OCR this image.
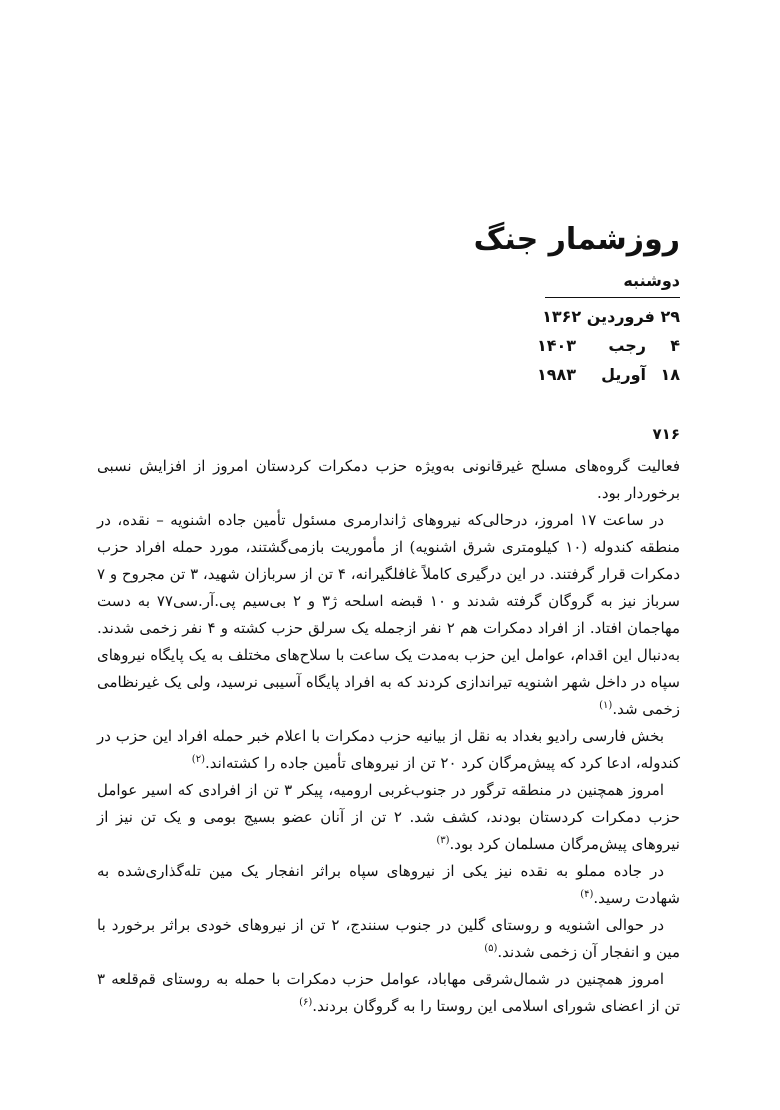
روزشمار جنگ
دوشنبه
۲۹ فروردین ۱۳۶۲
۴
رجب
۱۴۰۳
۱۸
آوریل
۱۹۸۳
۷۱۶

فعالیت گروه‌های مسلح غیرقانونی به‌ویژه حزب دمکرات کردستان امروز از افزایش نسبی برخوردار بود.

در ساعت ۱۷ امروز، درحالی‌که نیروهای ژاندارمری مسئول تأمین جاده اشنویه – نقده، در منطقه کندوله (۱۰ کیلومتری شرق اشنویه) از مأموریت بازمی‌گشتند، مورد حمله افراد حزب دمکرات قرار گرفتند. در این درگیری کاملاً غافلگیرانه، ۴ تن از سربازان شهید، ۳ تن مجروح و ۷ سرباز نیز به گروگان گرفته شدند و ۱۰ قبضه اسلحه ژ۳ و ۲ بی‌سیم پی.آر.سی۷۷ به دست مهاجمان افتاد. از افراد دمکرات هم ۲ نفر ازجمله یک سرلق حزب کشته و ۴ نفر زخمی شدند. به‌دنبال این اقدام، عوامل این حزب به‌مدت یک ساعت با سلاح‌های مختلف به یک پایگاه نیروهای سپاه در داخل شهر اشنویه تیراندازی کردند که به افراد پایگاه آسیبی نرسید، ولی یک غیرنظامی زخمی شد.$^{(۱)}$

بخش فارسی رادیو بغداد به نقل از بیانیه حزب دمکرات با اعلام خبر حمله افراد این حزب در کندوله، ادعا کرد که پیش‌مرگان کرد ۲۰ تن از نیروهای تأمین جاده را کشته‌اند.$^{(۲)}$

امروز همچنین در منطقه ترگور در جنوب‌غربی ارومیه، پیکر ۳ تن از افرادی که اسیر عوامل حزب دمکرات کردستان بودند، کشف شد. ۲ تن از آنان عضو بسیج بومی و یک تن نیز از نیروهای پیش‌مرگان مسلمان کرد بود.$^{(۳)}$

در جاده مملو به نقده نیز یکی از نیروهای سپاه براثر انفجار یک مین تله‌گذاری‌شده به شهادت رسید.$^{(۴)}$

در حوالی اشنویه و روستای گلین در جنوب سنندج، ۲ تن از نیروهای خودی براثر برخورد با مین و انفجار آن زخمی شدند.$^{(۵)}$

امروز همچنین در شمال‌شرقی مهاباد، عوامل حزب دمکرات با حمله به روستای قم‌قلعه ۳ تن از اعضای شورای اسلامی این روستا را به گروگان بردند.$^{(۶)}$
